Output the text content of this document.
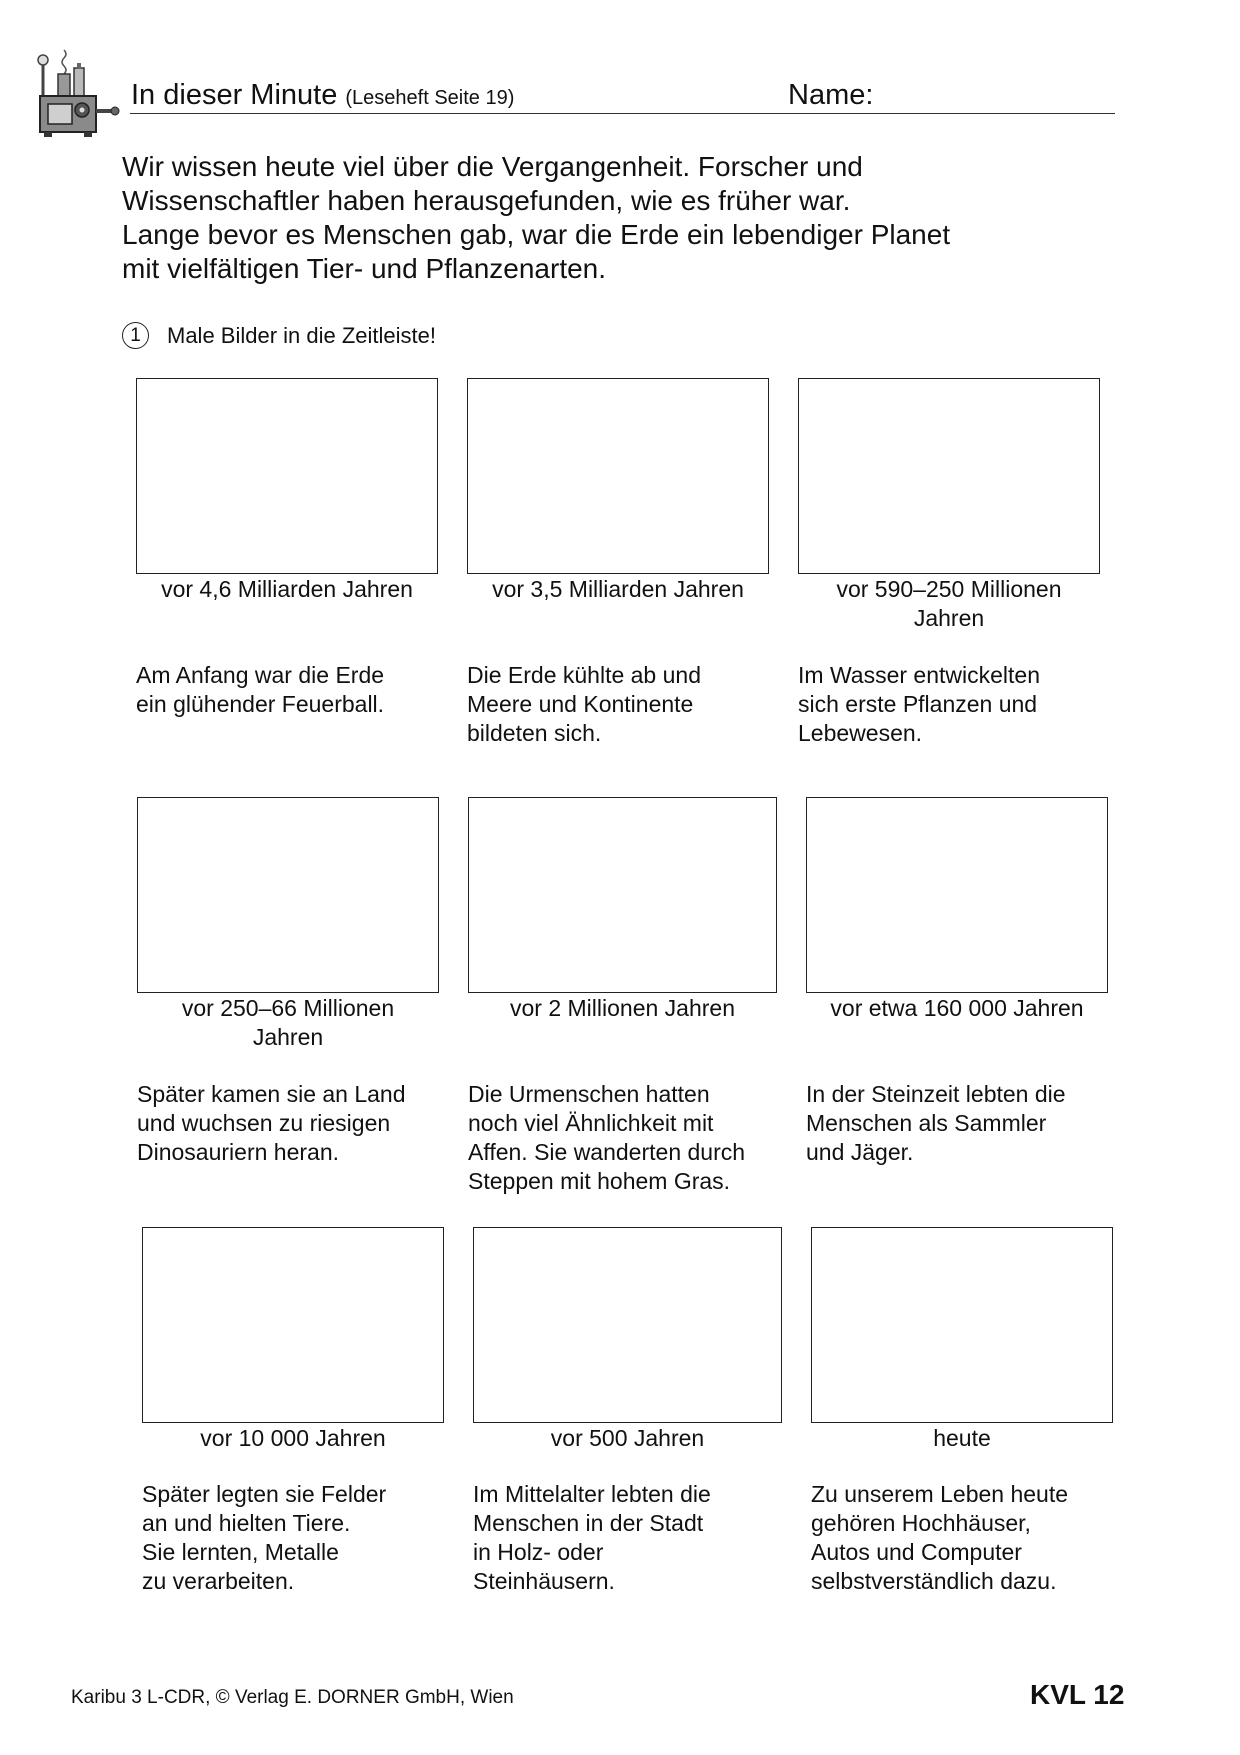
In dieser Minute (Leseheft Seite 19)	Name:
Wir wissen heute viel über die Vergangenheit. Forscher und
Wissenschaftler haben herausgefunden, wie es früher war.
Lange bevor es Menschen gab, war die Erde ein lebendiger Planet
mit vielfältigen Tier- und Pflanzenarten.
1	Male Bilder in die Zeitleiste!
vor 4,6 Milliarden Jahren
Am Anfang war die Erde
ein glühender Feuerball.
vor 3,5 Milliarden Jahren
Die Erde kühlte ab und
Meere und Kontinente
bildeten sich.
vor 590–250 Millionen
Jahren
Im Wasser entwickelten
sich erste Pflanzen und
Lebewesen.
vor 250–66 Millionen
Jahren
Später kamen sie an Land
und wuchsen zu riesigen
Dinosauriern heran.
vor 2 Millionen Jahren
Die Urmenschen hatten
noch viel Ähnlichkeit mit
Affen. Sie wanderten durch
Steppen mit hohem Gras.
vor etwa 160 000 Jahren
In der Steinzeit lebten die
Menschen als Sammler
und Jäger.
vor 10 000 Jahren
Später legten sie Felder
an und hielten Tiere.
Sie lernten, Metalle
zu verarbeiten.
vor 500 Jahren
Im Mittelalter lebten die
Menschen in der Stadt
in Holz- oder
Steinhäusern.
heute
Zu unserem Leben heute
gehören Hochhäuser,
Autos und Computer
selbstverständlich dazu.
Karibu 3 L-CDR, © Verlag E. DORNER GmbH, Wien	KVL 12
